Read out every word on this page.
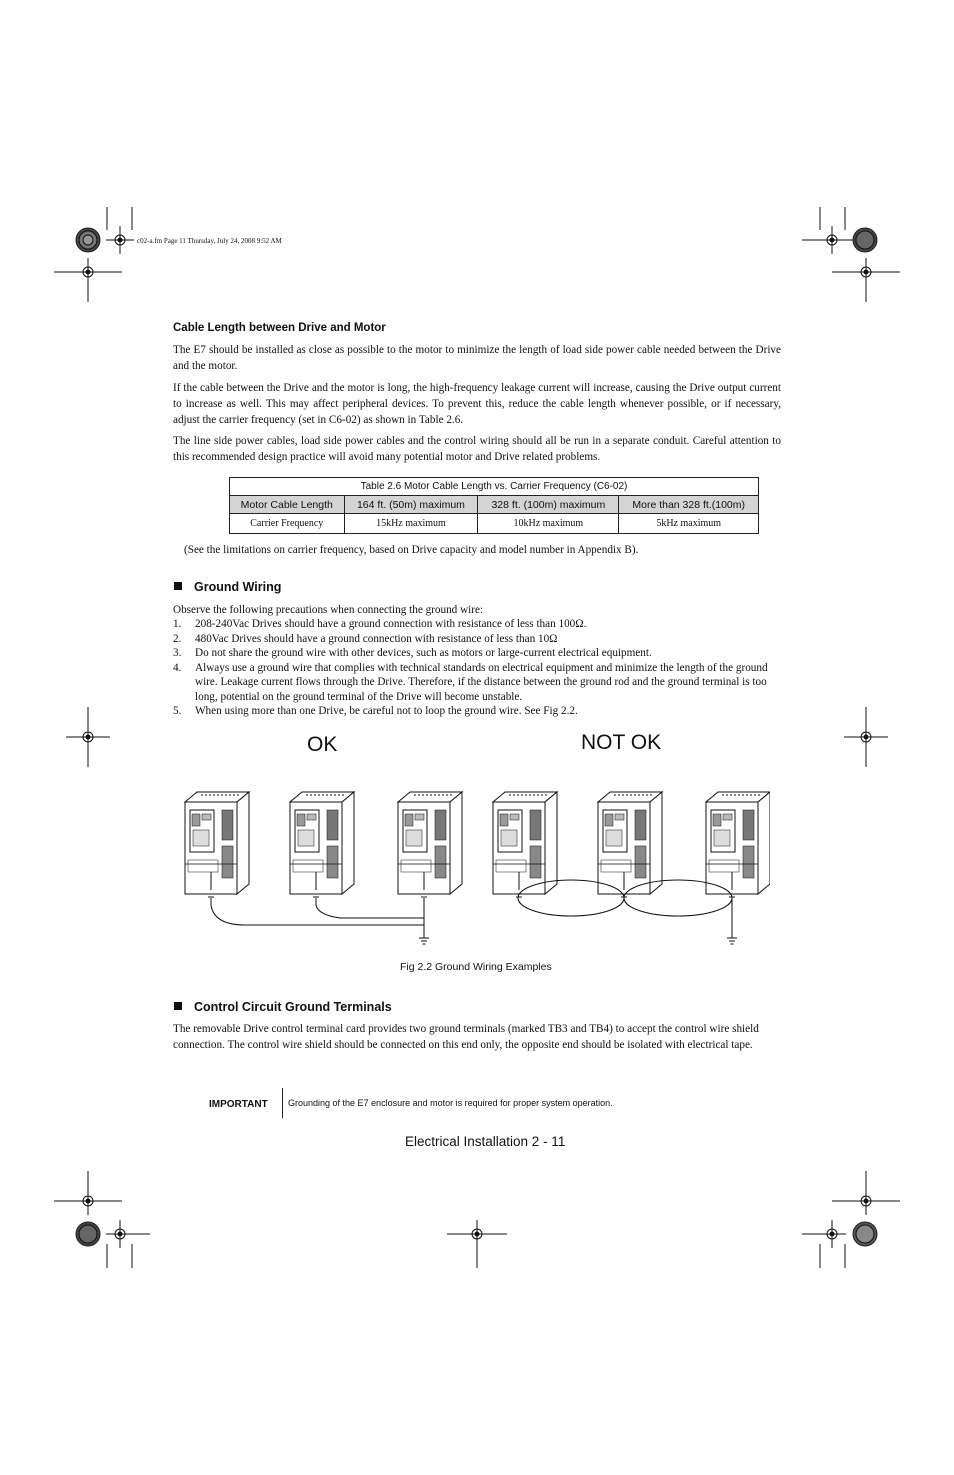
c02-a.fm Page 11 Thursday, July 24, 2008 9:52 AM
Cable Length between Drive and Motor
The E7 should be installed as close as possible to the motor to minimize the length of load side power cable needed between the Drive and the motor.
If the cable between the Drive and the motor is long, the high-frequency leakage current will increase, causing the Drive output current to increase as well. This may affect peripheral devices. To prevent this, reduce the cable length whenever possible, or if necessary, adjust the carrier frequency (set in C6-02) as shown in Table 2.6.
The line side power cables, load side power cables and the control wiring should all be run in a separate conduit. Careful attention to this recommended design practice will avoid many potential motor and Drive related problems.
Table 2.6 Motor Cable Length vs. Carrier Frequency (C6-02)			
Motor Cable Length	164 ft. (50m) maximum	328 ft. (100m) maximum	More than 328 ft.(100m)
Carrier Frequency	15kHz maximum	10kHz maximum	5kHz maximum
(See the limitations on carrier frequency, based on Drive capacity and model number in Appendix B).
Ground Wiring
Observe the following precautions when connecting the ground wire:
1. 208-240Vac Drives should have a ground connection with resistance of less than 100Ω.
2. 480Vac Drives should have a ground connection with resistance of less than 10Ω
3. Do not share the ground wire with other devices, such as motors or large-current electrical equipment.
4. Always use a ground wire that complies with technical standards on electrical equipment and minimize the length of the ground wire. Leakage current flows through the Drive. Therefore, if the distance between the ground rod and the ground terminal is too long, potential on the ground terminal of the Drive will become unstable.
5. When using more than one Drive, be careful not to loop the ground wire. See Fig 2.2.
OK	NOT OK
Fig 2.2 Ground Wiring Examples
Control Circuit Ground Terminals
The removable Drive control terminal card provides two ground terminals (marked TB3 and TB4) to accept the control wire shield connection. The control wire shield should be connected on this end only, the opposite end should be isolated with electrical tape.
IMPORTANT Grounding of the E7 enclosure and motor is required for proper system operation.
Electrical Installation 2 - 11
